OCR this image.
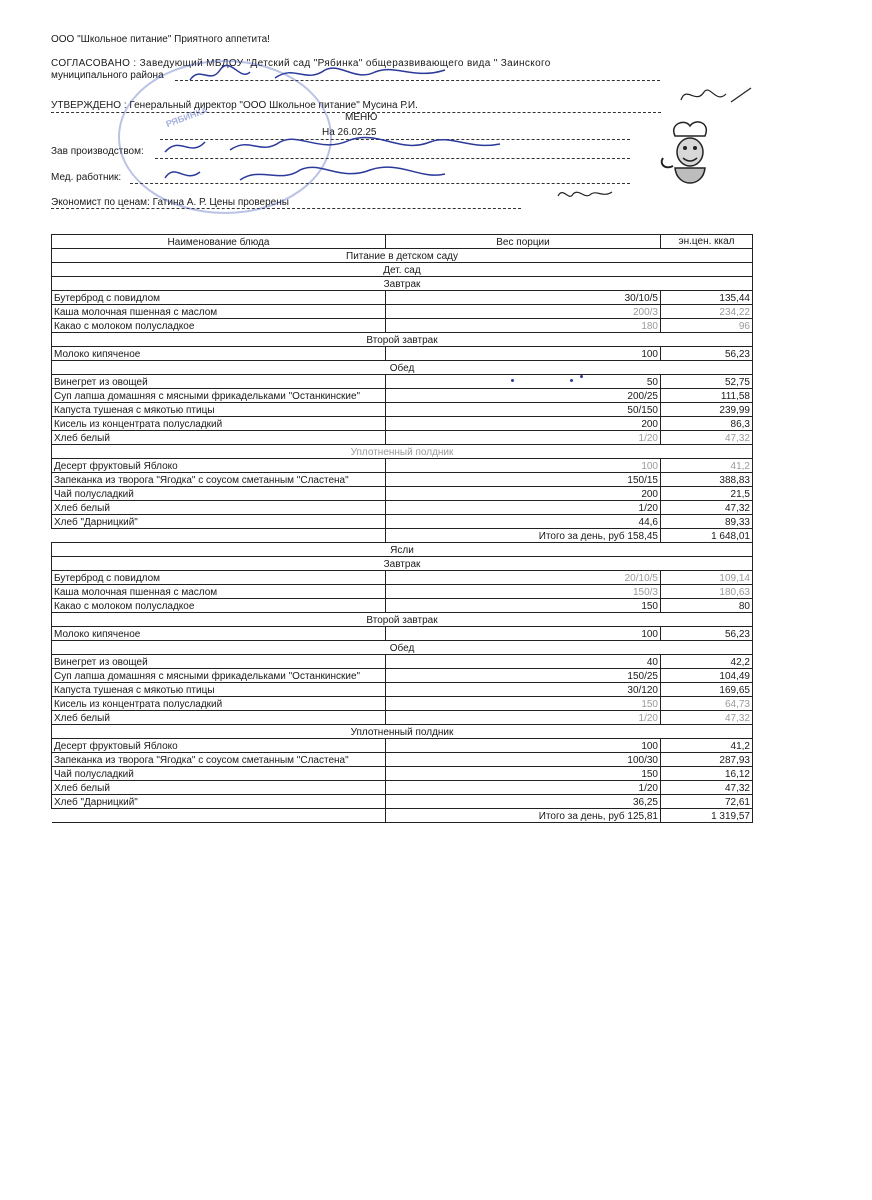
ООО "Школьное питание" Приятного аппетита!
СОГЛАСОВАНО : Заведующий МБДОУ "Детский сад "Рябинка" общеразвивающего вида " Заинского
муниципального района
УТВЕРЖДЕНО : Генеральный директор "ООО Школьное питание" Мусина Р.И.
МЕНЮ
На 26.02.25
Зав производством:
Мед. работник:
Экономист по ценам: Гатина А. Р. Цены проверены
РЯБИНКА
Наименование блюда	Вес порции	эн.цен. ккал
Питание в детском саду		
Дет. сад		
Завтрак		
Бутерброд с повидлом	30/10/5	135,44
Каша молочная пшенная с маслом	200/3	234,22
Какао с молоком полусладкое	180	96
Второй завтрак		
Молоко кипяченое	100	56,23
Обед		
Винегрет из овощей	50	52,75
Суп лапша домашняя с мясными фрикадельками "Останкинские"	200/25	111,58
Капуста тушеная с мякотью птицы	50/150	239,99
Кисель из концентрата полусладкий	200	86,3
Хлеб белый	1/20	47,32
Уплотненный полдник		
Десерт фруктовый Яблоко	100	41,2
Запеканка из творога "Ягодка" с соусом сметанным "Сластена"	150/15	388,83
Чай полусладкий	200	21,5
Хлеб белый	1/20	47,32
Хлеб "Дарницкий"	44,6	89,33
	Итого за день, руб 158,45	1 648,01
Ясли		
Завтрак		
Бутерброд с повидлом	20/10/5	109,14
Каша молочная пшенная с маслом	150/3	180,63
Какао с молоком полусладкое	150	80
Второй завтрак		
Молоко кипяченое	100	56,23
Обед		
Винегрет из овощей	40	42,2
Суп лапша домашняя с мясными фрикадельками "Останкинские"	150/25	104,49
Капуста тушеная с мякотью птицы	30/120	169,65
Кисель из концентрата полусладкий	150	64,73
Хлеб белый	1/20	47,32
Уплотненный полдник		
Десерт фруктовый Яблоко	100	41,2
Запеканка из творога "Ягодка" с соусом сметанным "Сластена"	100/30	287,93
Чай полусладкий	150	16,12
Хлеб белый	1/20	47,32
Хлеб "Дарницкий"	36,25	72,61
	Итого за день, руб 125,81	1 319,57
